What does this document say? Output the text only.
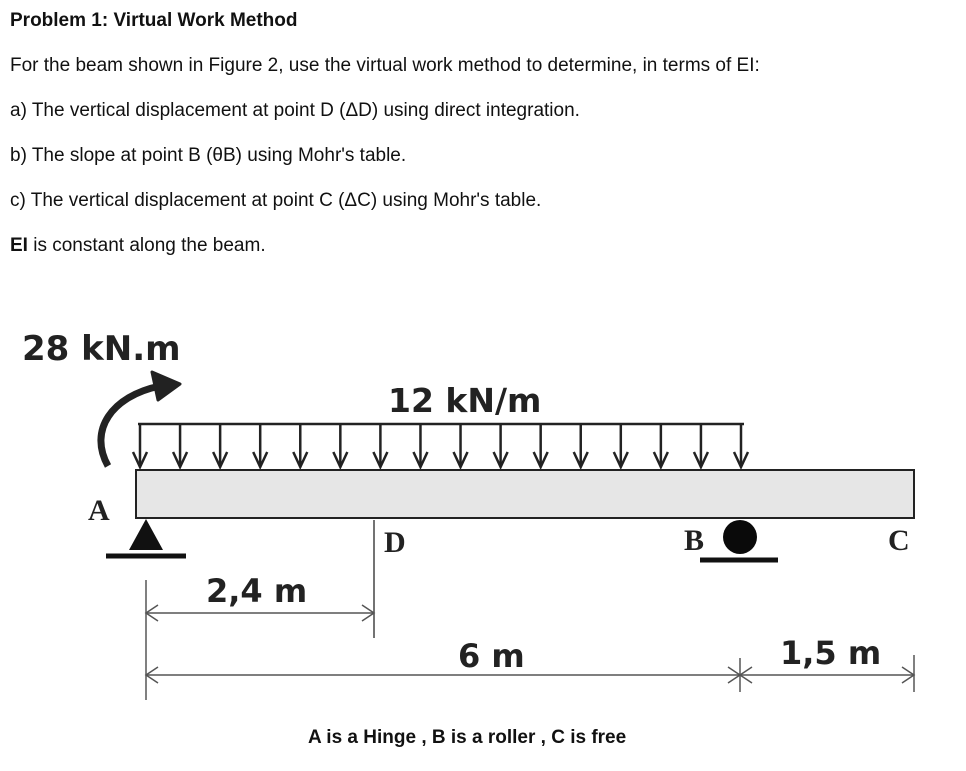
Problem 1: Virtual Work Method
For the beam shown in Figure 2, use the virtual work method to determine, in terms of EI:
a) The vertical displacement at point D (ΔD) using direct integration.
b) The slope at point B (θB) using Mohr's table.
c) The vertical displacement at point C (ΔC) using Mohr's table.
EI is constant along the beam.
28 kN.m
12 kN/m
A
D	B	C
2,4 m
6 m	1,5 m
A is a Hinge , B is a roller , C is free
